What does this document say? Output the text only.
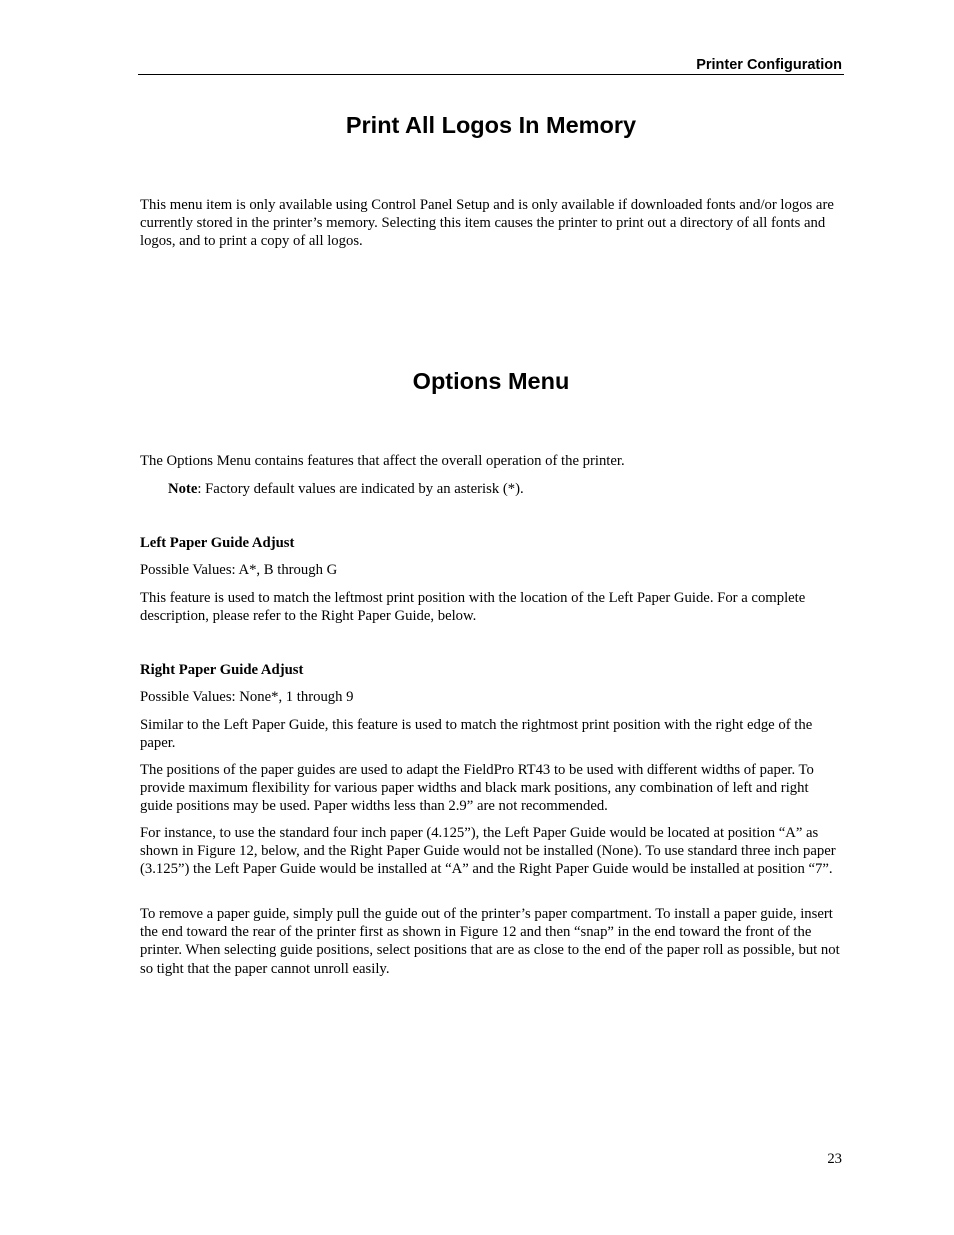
Printer Configuration
Print All Logos In Memory

This menu item is only available using Control Panel Setup and is only available if downloaded fonts and/or logos are currently stored in the printer’s memory. Selecting this item causes the printer to print out a directory of all fonts and logos, and to print a copy of all logos.

Options Menu

The Options Menu contains features that affect the overall operation of the printer.

Note: Factory default values are indicated by an asterisk (*).

Left Paper Guide Adjust

Possible Values: A*, B through G

This feature is used to match the leftmost print position with the location of the Left Paper Guide. For a complete description, please refer to the Right Paper Guide, below.

Right Paper Guide Adjust

Possible Values: None*, 1 through 9

Similar to the Left Paper Guide, this feature is used to match the rightmost print position with the right edge of the paper.

The positions of the paper guides are used to adapt the FieldPro RT43 to be used with different widths of paper. To provide maximum flexibility for various paper widths and black mark positions, any combination of left and right guide positions may be used. Paper widths less than 2.9” are not recommended.

For instance, to use the standard four inch paper (4.125”), the Left Paper Guide would be located at position “A” as shown in Figure 12, below, and the Right Paper Guide would not be installed (None). To use standard three inch paper (3.125”) the Left Paper Guide would be installed at “A” and the Right Paper Guide would be installed at position “7”.

To remove a paper guide, simply pull the guide out of the printer’s paper compartment. To install a paper guide, insert the end toward the rear of the printer first as shown in Figure 12 and then “snap” in the end toward the front of the printer. When selecting guide positions, select positions that are as close to the end of the paper roll as possible, but not so tight that the paper cannot unroll easily.

23
